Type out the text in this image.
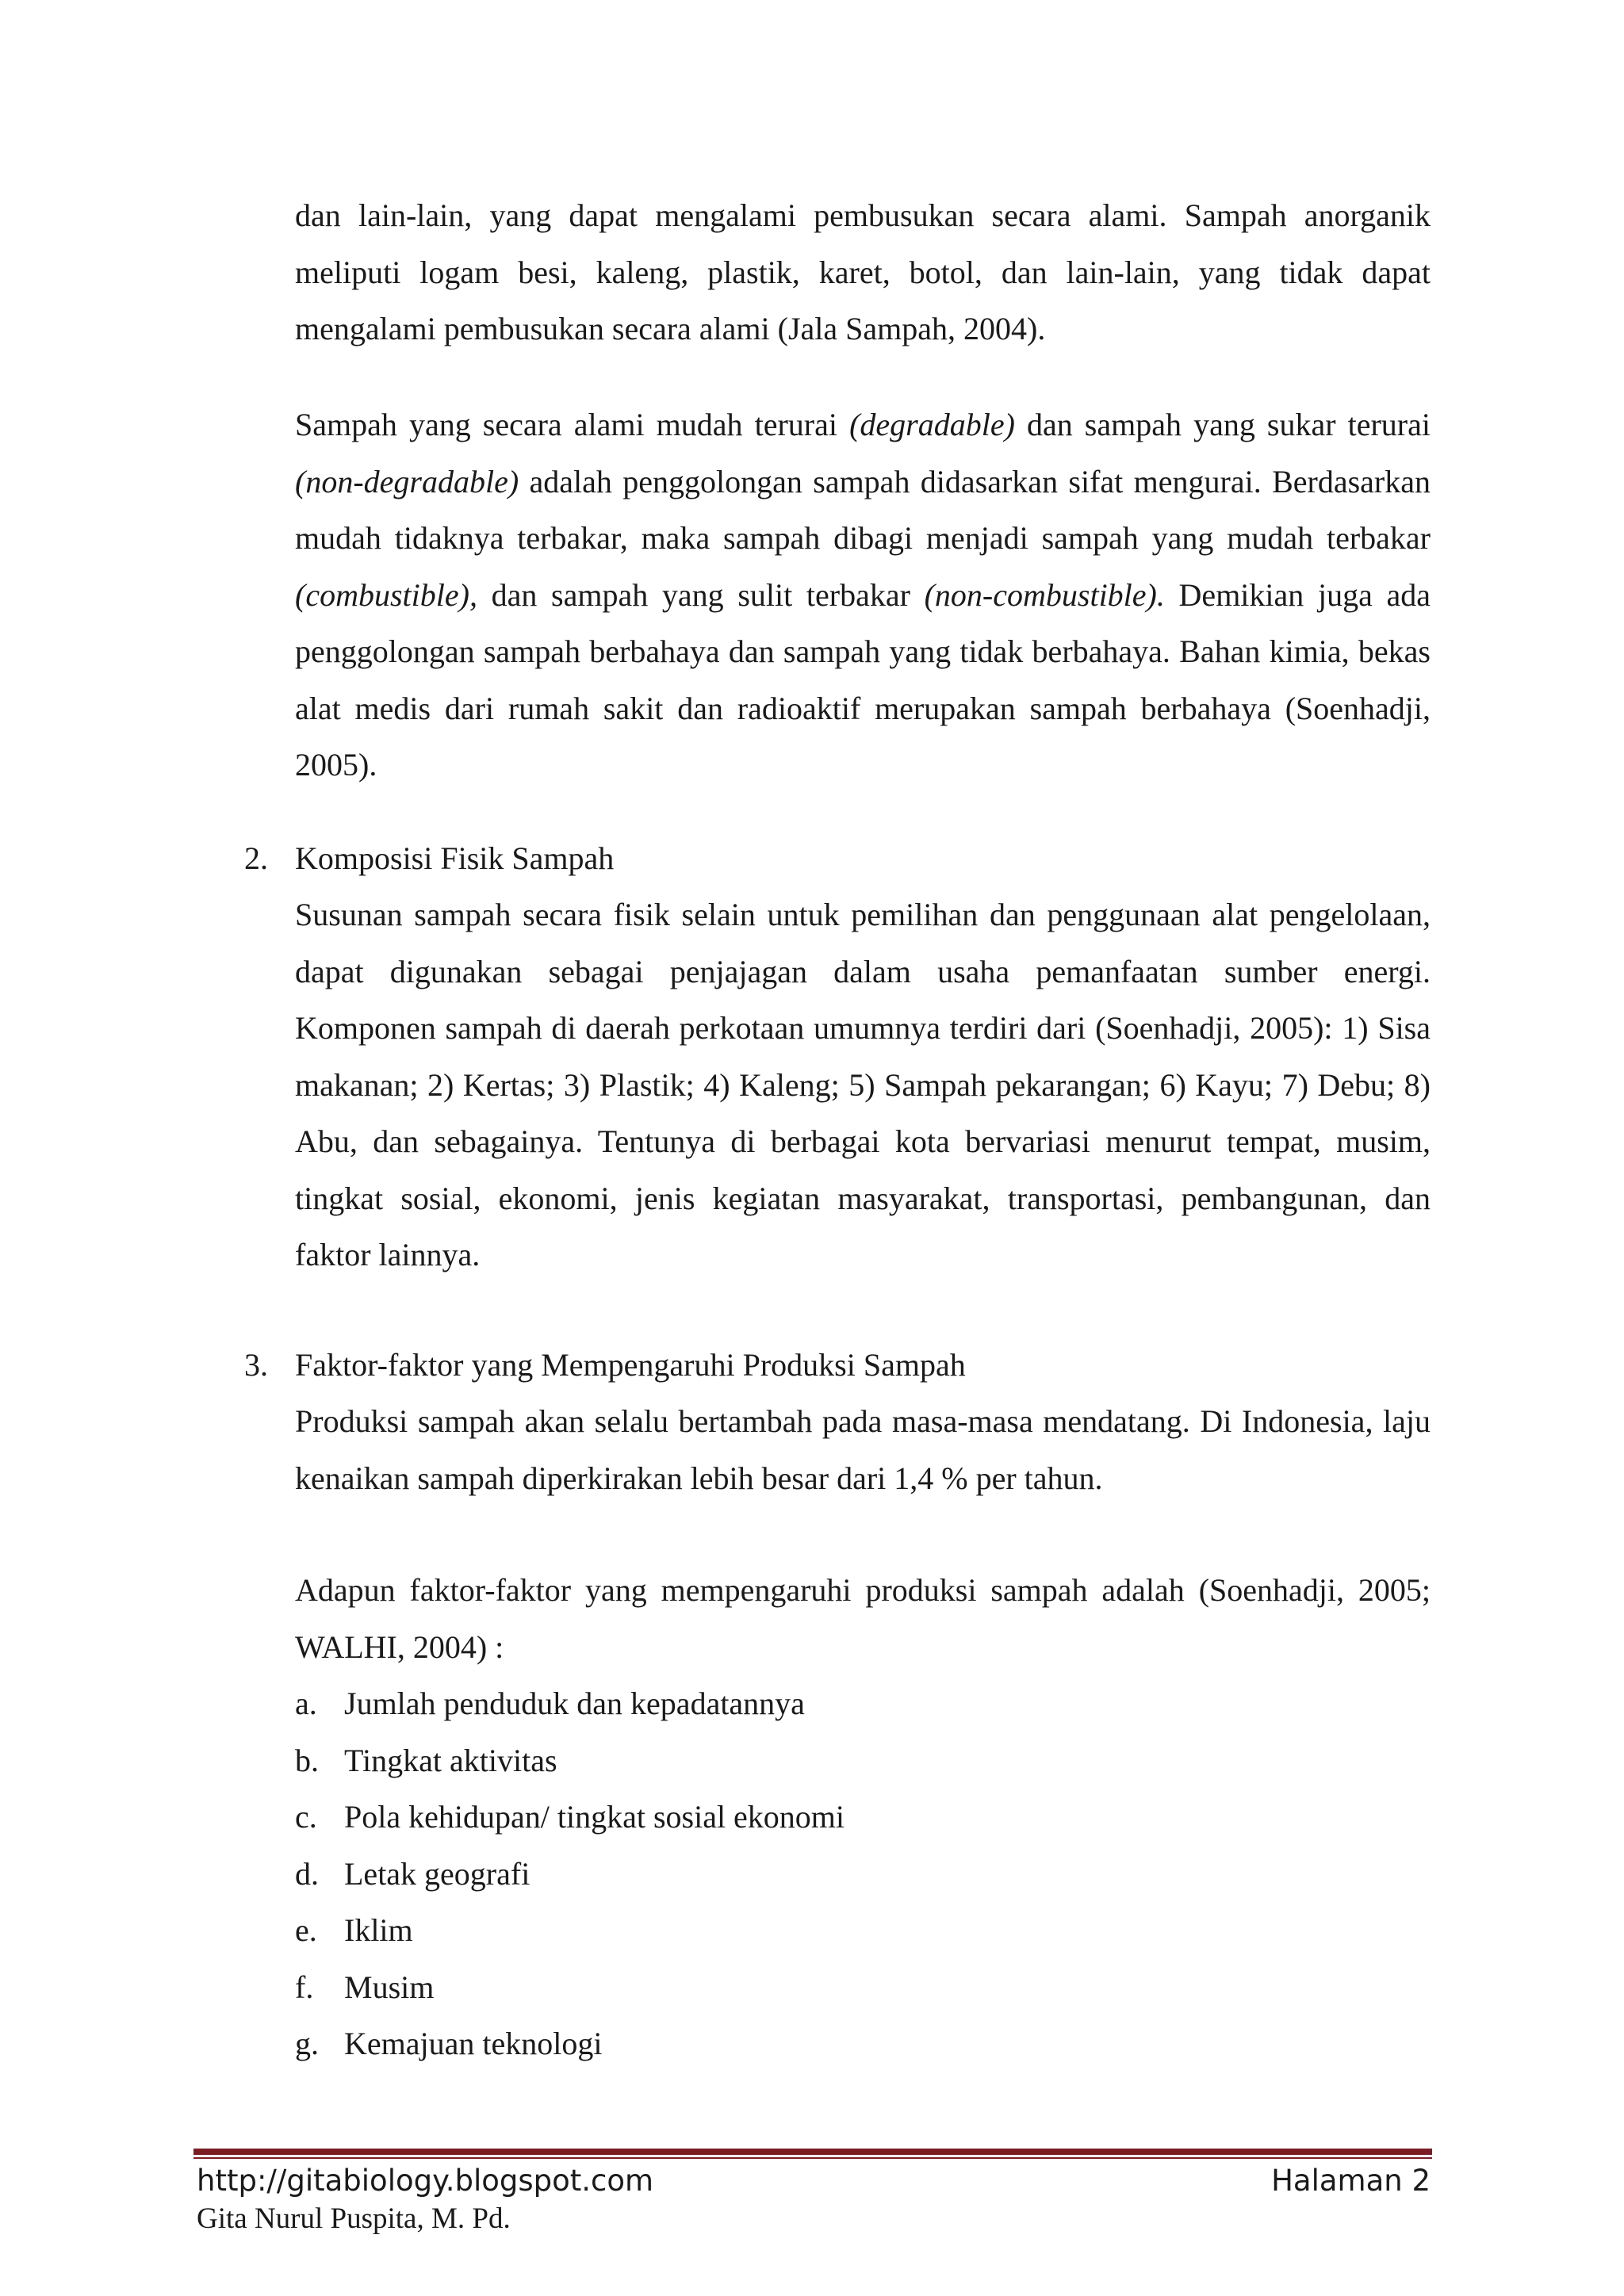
dan lain-lain, yang dapat mengalami pembusukan secara alami. Sampah anorganik meliputi logam besi, kaleng, plastik, karet, botol, dan lain-lain, yang tidak dapat mengalami pembusukan secara alami (Jala Sampah, 2004).

Sampah yang secara alami mudah terurai (degradable) dan sampah yang sukar terurai (non-degradable) adalah penggolongan sampah didasarkan sifat mengurai. Berdasarkan mudah tidaknya terbakar, maka sampah dibagi menjadi sampah yang mudah terbakar (combustible), dan sampah yang sulit terbakar (non-combustible). Demikian juga ada penggolongan sampah berbahaya dan sampah yang tidak berbahaya. Bahan kimia, bekas alat medis dari rumah sakit dan radioaktif merupakan sampah berbahaya (Soenhadji, 2005).

2. Komposisi Fisik Sampah

Susunan sampah secara fisik selain untuk pemilihan dan penggunaan alat pengelolaan, dapat digunakan sebagai penjajagan dalam usaha pemanfaatan sumber energi. Komponen sampah di daerah perkotaan umumnya terdiri dari (Soenhadji, 2005): 1) Sisa makanan; 2) Kertas; 3) Plastik; 4) Kaleng; 5) Sampah pekarangan; 6) Kayu; 7) Debu; 8) Abu, dan sebagainya. Tentunya di berbagai kota bervariasi menurut tempat, musim, tingkat sosial, ekonomi, jenis kegiatan masyarakat, transportasi, pembangunan, dan faktor lainnya.

3. Faktor-faktor yang Mempengaruhi Produksi Sampah

Produksi sampah akan selalu bertambah pada masa-masa mendatang. Di Indonesia, laju kenaikan sampah diperkirakan lebih besar dari 1,4 % per tahun.

Adapun faktor-faktor yang mempengaruhi produksi sampah adalah (Soenhadji, 2005; WALHI, 2004) :

a. Jumlah penduduk dan kepadatannya
b. Tingkat aktivitas
c. Pola kehidupan/ tingkat sosial ekonomi
d. Letak geografi
e. Iklim
f. Musim
g. Kemajuan teknologi
http://gitabiology.blogspot.com	Halaman 2
Gita Nurul Puspita, M. Pd.
